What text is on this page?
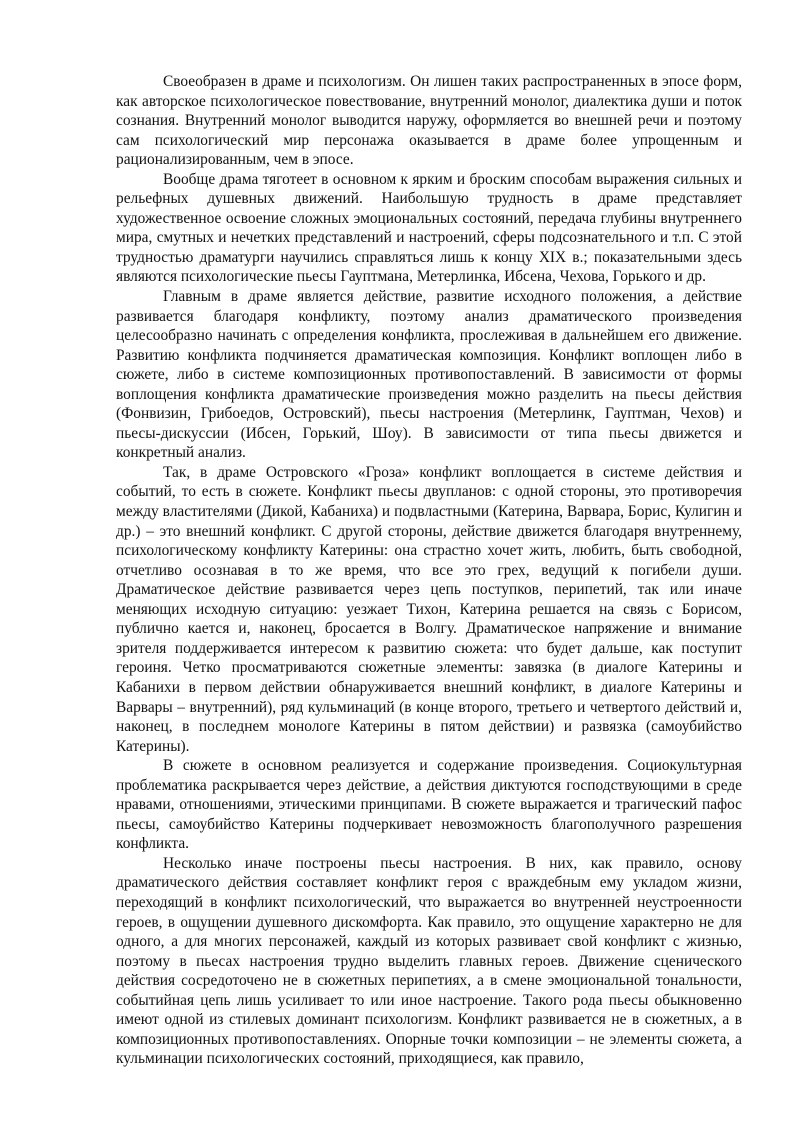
Своеобразен в драме и психологизм. Он лишен таких распространенных в эпосе форм, как авторское психологическое повествование, внутренний монолог, диалектика души и поток сознания. Внутренний монолог выводится наружу, оформляется во внешней речи и поэтому сам психологический мир персонажа оказывается в драме более упрощенным и рационализированным, чем в эпосе.

Вообще драма тяготеет в основном к ярким и броским способам выражения сильных и рельефных душевных движений. Наибольшую трудность в драме представляет художественное освоение сложных эмоциональных состояний, передача глубины внутреннего мира, смутных и нечетких представлений и настроений, сферы подсознательного и т.п. С этой трудностью драматурги научились справляться лишь к концу XIX в.; показательными здесь являются психологические пьесы Гауптмана, Метерлинка, Ибсена, Чехова, Горького и др.

Главным в драме является действие, развитие исходного положения, а действие развивается благодаря конфликту, поэтому анализ драматического произведения целесообразно начинать с определения конфликта, прослеживая в дальнейшем его движение. Развитию конфликта подчиняется драматическая композиция. Конфликт воплощен либо в сюжете, либо в системе композиционных противопоставлений. В зависимости от формы воплощения конфликта драматические произведения можно разделить на пьесы действия (Фонвизин, Грибоедов, Островский), пьесы настроения (Метерлинк, Гауптман, Чехов) и пьесы-дискуссии (Ибсен, Горький, Шоу). В зависимости от типа пьесы движется и конкретный анализ.

Так, в драме Островского «Гроза» конфликт воплощается в системе действия и событий, то есть в сюжете. Конфликт пьесы двупланов: с одной стороны, это противоречия между властителями (Дикой, Кабаниха) и подвластными (Катерина, Варвара, Борис, Кулигин и др.) – это внешний конфликт. С другой стороны, действие движется благодаря внутреннему, психологическому конфликту Катерины: она страстно хочет жить, любить, быть свободной, отчетливо осознавая в то же время, что все это грех, ведущий к погибели души. Драматическое действие развивается через цепь поступков, перипетий, так или иначе меняющих исходную ситуацию: уезжает Тихон, Катерина решается на связь с Борисом, публично кается и, наконец, бросается в Волгу. Драматическое напряжение и внимание зрителя поддерживается интересом к развитию сюжета: что будет дальше, как поступит героиня. Четко просматриваются сюжетные элементы: завязка (в диалоге Катерины и Кабанихи в первом действии обнаруживается внешний конфликт, в диалоге Катерины и Варвары – внутренний), ряд кульминаций (в конце второго, третьего и четвертого действий и, наконец, в последнем монологе Катерины в пятом действии) и развязка (самоубийство Катерины).

В сюжете в основном реализуется и содержание произведения. Социокультурная проблематика раскрывается через действие, а действия диктуются господствующими в среде нравами, отношениями, этическими принципами. В сюжете выражается и трагический пафос пьесы, самоубийство Катерины подчеркивает невозможность благополучного разрешения конфликта.

Несколько иначе построены пьесы настроения. В них, как правило, основу драматического действия составляет конфликт героя с враждебным ему укладом жизни, переходящий в конфликт психологический, что выражается во внутренней неустроенности героев, в ощущении душевного дискомфорта. Как правило, это ощущение характерно не для одного, а для многих персонажей, каждый из которых развивает свой конфликт с жизнью, поэтому в пьесах настроения трудно выделить главных героев. Движение сценического действия сосредоточено не в сюжетных перипетиях, а в смене эмоциональной тональности, событийная цепь лишь усиливает то или иное настроение. Такого рода пьесы обыкновенно имеют одной из стилевых доминант психологизм. Конфликт развивается не в сюжетных, а в композиционных противопоставлениях. Опорные точки композиции – не элементы сюжета, а кульминации психологических состояний, приходящиеся, как правило,
